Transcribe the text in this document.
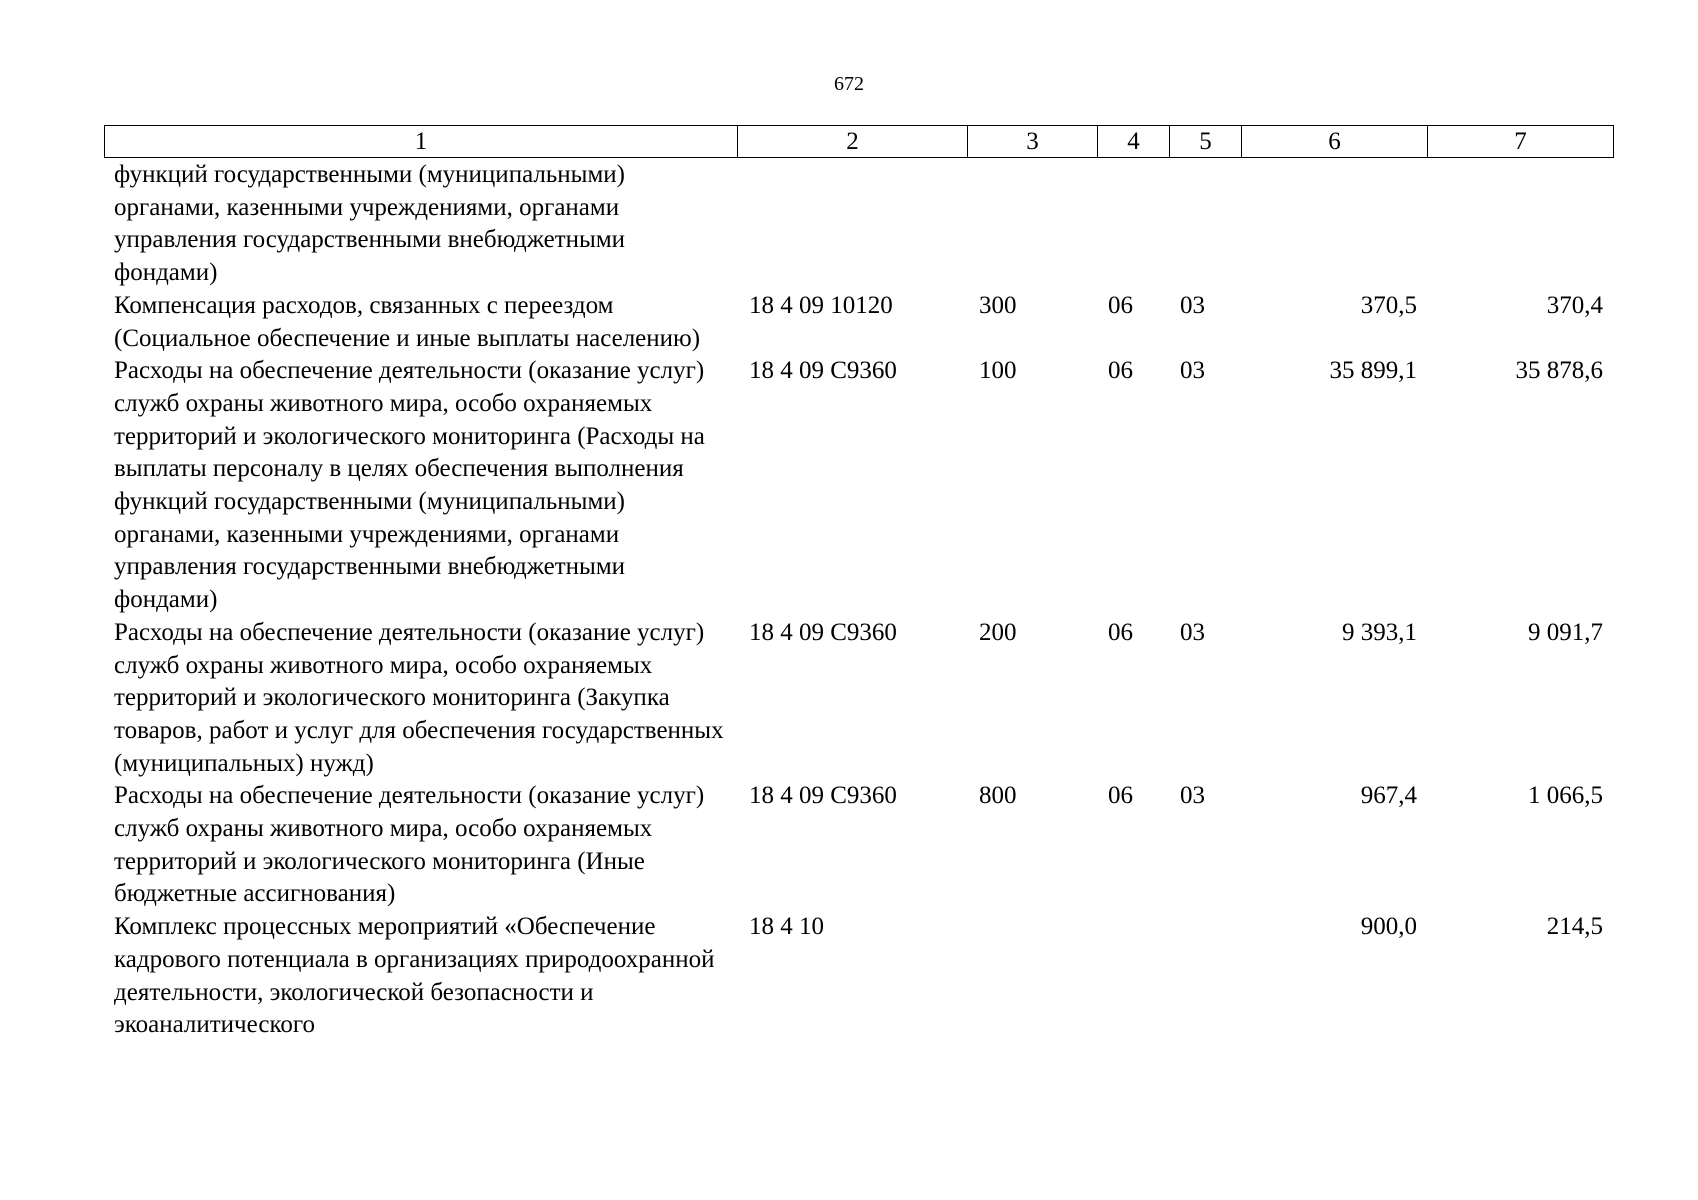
672
1	2	3	4	5	6	7
функций государственными (муниципальными) органами, казенными учреждениями, органами управления государственными внебюджетными фондами)						
Компенсация расходов, связанных с переездом (Социальное обеспечение и иные выплаты населению)	18 4 09 10120	300	06	03	370,5	370,4
Расходы на обеспечение деятельности (оказание услуг) служб охраны животного мира, особо охраняемых территорий и экологического мониторинга (Расходы на выплаты персоналу в целях обеспечения выполнения функций государственными (муниципальными) органами, казенными учреждениями, органами управления государственными внебюджетными фондами)	18 4 09 С9360	100	06	03	35 899,1	35 878,6
Расходы на обеспечение деятельности (оказание услуг) служб охраны животного мира, особо охраняемых территорий и экологического мониторинга (Закупка товаров, работ и услуг для обеспечения государственных (муниципальных) нужд)	18 4 09 С9360	200	06	03	9 393,1	9 091,7
Расходы на обеспечение деятельности (оказание услуг) служб охраны животного мира, особо охраняемых территорий и экологического мониторинга (Иные бюджетные ассигнования)	18 4 09 С9360	800	06	03	967,4	1 066,5
Комплекс процессных мероприятий «Обеспечение кадрового потенциала в организациях природоохранной деятельности, экологической безопасности и экоаналитического	18 4 10				900,0	214,5
